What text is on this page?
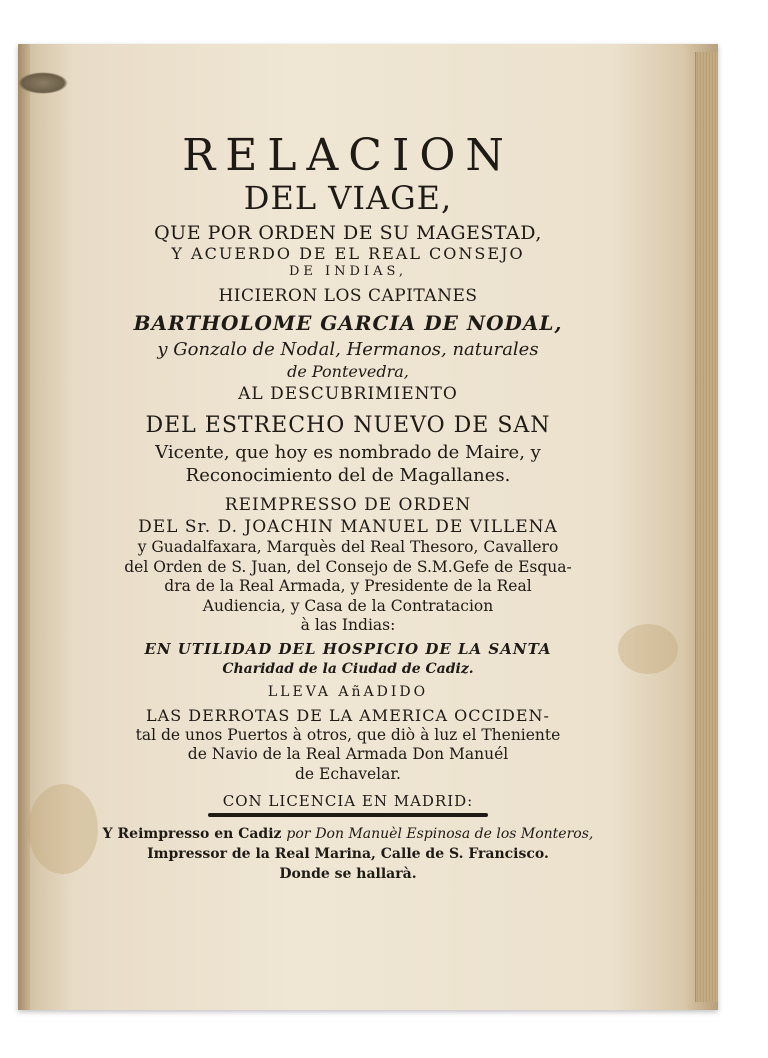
RELACION
DEL VIAGE,
QUE POR ORDEN DE SU MAGESTAD,
Y ACUERDO DE EL REAL CONSEJO
DE INDIAS,
HICIERON LOS CAPITANES
BARTHOLOME GARCIA DE NODAL,
y Gonzalo de Nodal, Hermanos, naturales
de Pontevedra,
AL DESCUBRIMIENTO
DEL ESTRECHO NUEVO DE SAN
Vicente, que hoy es nombrado de Maire, y
Reconocimiento del de Magallanes.
REIMPRESSO DE ORDEN
DEL Sr. D. JOACHIN MANUEL DE VILLENA
y Guadalfaxara, Marquès del Real Thesoro, Cavallero
del Orden de S. Juan, del Consejo de S.M.Gefe de Esqua-
dra de la Real Armada, y Presidente de la Real
Audiencia, y Casa de la Contratacion
à las Indias:
EN UTILIDAD DEL HOSPICIO DE LA SANTA
Charidad de la Ciudad de Cadiz.
LLEVA AñADIDO
LAS DERROTAS DE LA AMERICA OCCIDEN-
tal de unos Puertos à otros, que diò à luz el Theniente
de Navio de la Real Armada Don Manuél
de Echavelar.
CON LICENCIA EN MADRID:
Y Reimpresso en Cadiz por Don Manuèl Espinosa de los Monteros,
Impressor de la Real Marina, Calle de S. Francisco.
Donde se hallarà.
